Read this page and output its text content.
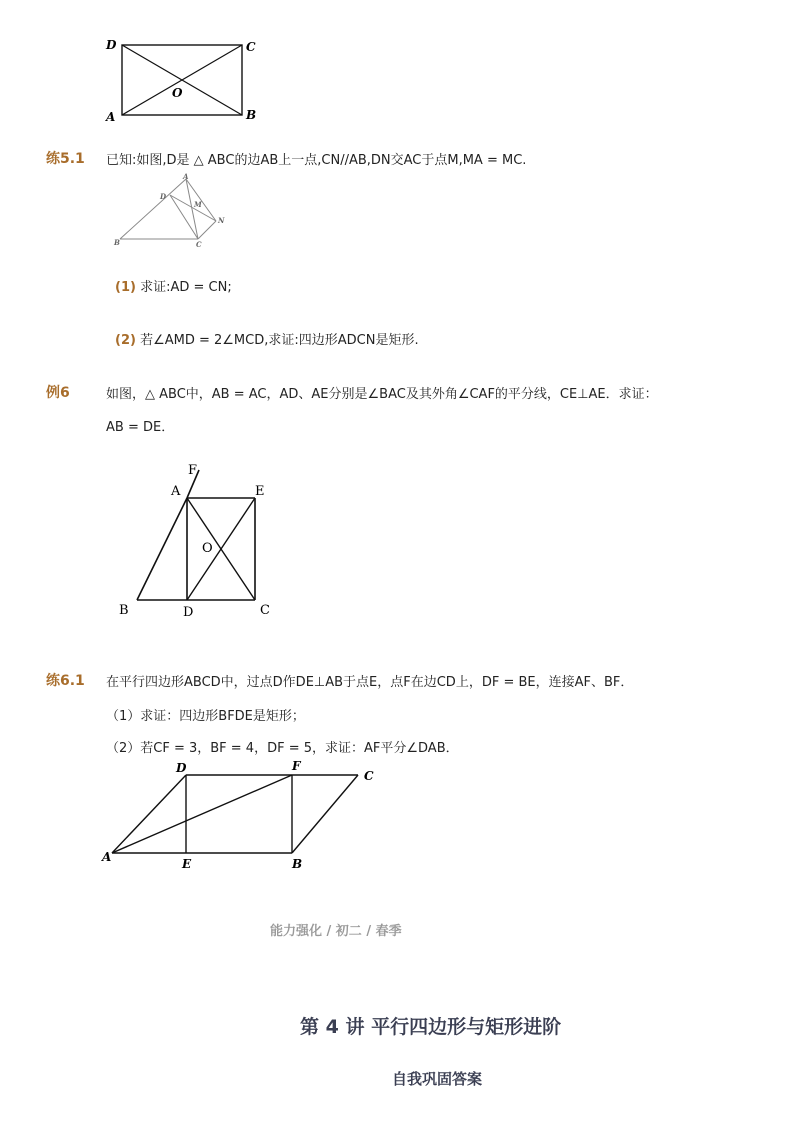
D	C
A	B
O
练5.1 已知:如图,D是 △ ABC的边AB上一点,CN//AB,DN交AC于点M,MA = MC.
A
D
M
N
B	C
(1) 求证:AD = CN;
(2) 若∠AMD = 2∠MCD,求证:四边形ADCN是矩形.
例6	如图，△ ABC中，AB = AC，AD、AE分别是∠BAC及其外角∠CAF的平分线，CE⊥AE．求证：
AB = DE．
F
A	E
O
B	D	C
练6.1 在平行四边形ABCD中，过点D作DE⊥AB于点E，点F在边CD上，DF = BE，连接AF、BF．
（1）求证：四边形BFDE是矩形；
（2）若CF = 3，BF = 4，DF = 5，求证：AF平分∠DAB．
D	F
C
A	E	B
能力强化 / 初二 / 春季
第 4 讲 平行四边形与矩形进阶
自我巩固答案
